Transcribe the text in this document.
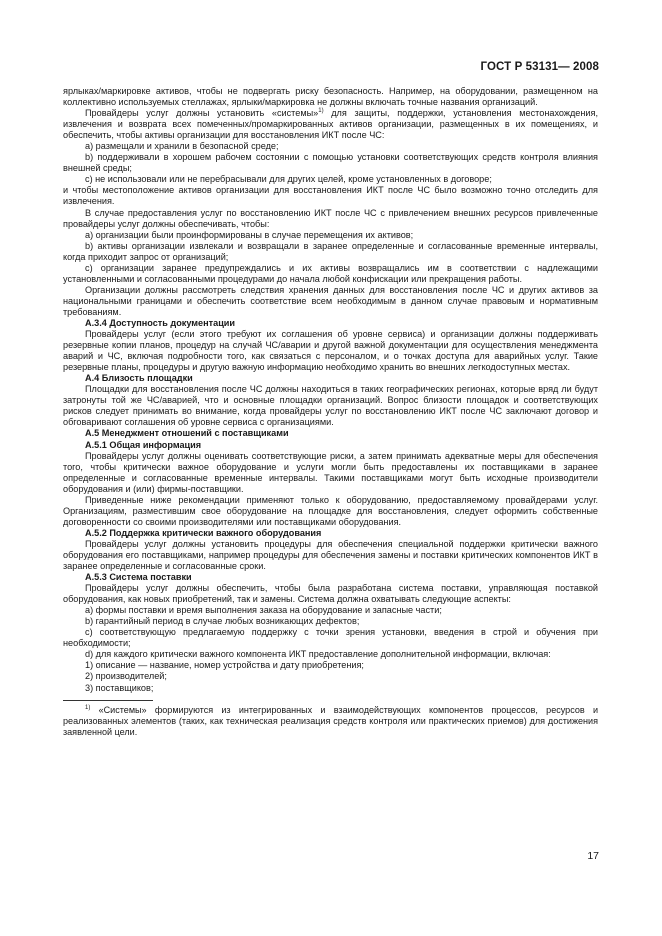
ГОСТ Р 53131— 2008

ярлыках/маркировке активов, чтобы не подвергать риску безопасность. Например, на оборудовании, размещенном на коллективно используемых стеллажах, ярлыки/маркировка не должны включать точные названия организаций.

Провайдеры услуг должны установить «системы»$^{1)}$ для защиты, поддержки, установления местонахождения, извлечения и возврата всех помеченных/промаркированных активов организации, размещенных в их помещениях, и обеспечить, чтобы активы организации для восстановления ИКТ после ЧС:

а) размещали и хранили в безопасной среде;

b) поддерживали в хорошем рабочем состоянии с помощью установки соответствующих средств контроля влияния внешней среды;

c) не использовали или не перебрасывали для других целей, кроме установленных в договоре;

и чтобы местоположение активов организации для восстановления ИКТ после ЧС было возможно точно отследить для извлечения.

В случае предоставления услуг по восстановлению ИКТ после ЧС с привлечением внешних ресурсов привлеченные провайдеры услуг должны обеспечивать, чтобы:

a) организации были проинформированы в случае перемещения их активов;

b) активы организации извлекали и возвращали в заранее определенные и согласованные временные интервалы, когда приходит запрос от организаций;

c) организации заранее предупреждались и их активы возвращались им в соответствии с надлежащими установленными и согласованными процедурами до начала любой конфискации или прекращения работы.

Организации должны рассмотреть следствия хранения данных для восстановления после ЧС и других активов за национальными границами и обеспечить соответствие всем необходимым в данном случае правовым и нормативным требованиям.

А.3.4 Доступность документации

Провайдеры услуг (если этого требуют их соглашения об уровне сервиса) и организации должны поддерживать резервные копии планов, процедур на случай ЧС/аварии и другой важной документации для осуществления менеджмента аварий и ЧС, включая подробности того, как связаться с персоналом, и о точках доступа для аварийных услуг. Такие резервные планы, процедуры и другую важную информацию необходимо хранить во внешних легкодоступных местах.

А.4 Близость площадки

Площадки для восстановления после ЧС должны находиться в таких географических регионах, которые вряд ли будут затронуты той же ЧС/аварией, что и основные площадки организаций. Вопрос близости площадок и соответствующих рисков следует принимать во внимание, когда провайдеры услуг по восстановлению ИКТ после ЧС заключают договор и обговаривают соглашения об уровне сервиса с организациями.

А.5 Менеджмент отношений с поставщиками

А.5.1 Общая информация

Провайдеры услуг должны оценивать соответствующие риски, а затем принимать адекватные меры для обеспечения того, чтобы критически важное оборудование и услуги могли быть предоставлены их поставщиками в заранее определенные и согласованные временные интервалы. Такими поставщиками могут быть исходные производители оборудования и (или) фирмы-поставщики.

Приведенные ниже рекомендации применяют только к оборудованию, предоставляемому провайдерами услуг. Организациям, разместившим свое оборудование на площадке для восстановления, следует оформить собственные договоренности со своими производителями или поставщиками оборудования.

А.5.2 Поддержка критически важного оборудования

Провайдеры услуг должны установить процедуры для обеспечения специальной поддержки критически важного оборудования его поставщиками, например процедуры для обеспечения замены и поставки критических компонентов ИКТ в заранее определенные и согласованные сроки.

А.5.3 Система поставки

Провайдеры услуг должны обеспечить, чтобы была разработана система поставки, управляющая поставкой оборудования, как новых приобретений, так и замены. Система должна охватывать следующие аспекты:

a) формы поставки и время выполнения заказа на оборудование и запасные части;

b) гарантийный период в случае любых возникающих дефектов;

c) соответствующую предлагаемую поддержку с точки зрения установки, введения в строй и обучения при необходимости;

d) для каждого критически важного компонента ИКТ предоставление дополнительной информации, включая:

1) описание — название, номер устройства и дату приобретения;

2) производителей;

3) поставщиков;

$^{1)}$ «Системы» формируются из интегрированных и взаимодействующих компонентов процессов, ресурсов и реализованных элементов (таких, как техническая реализация средств контроля или практических приемов) для достижения заявленной цели.

17
